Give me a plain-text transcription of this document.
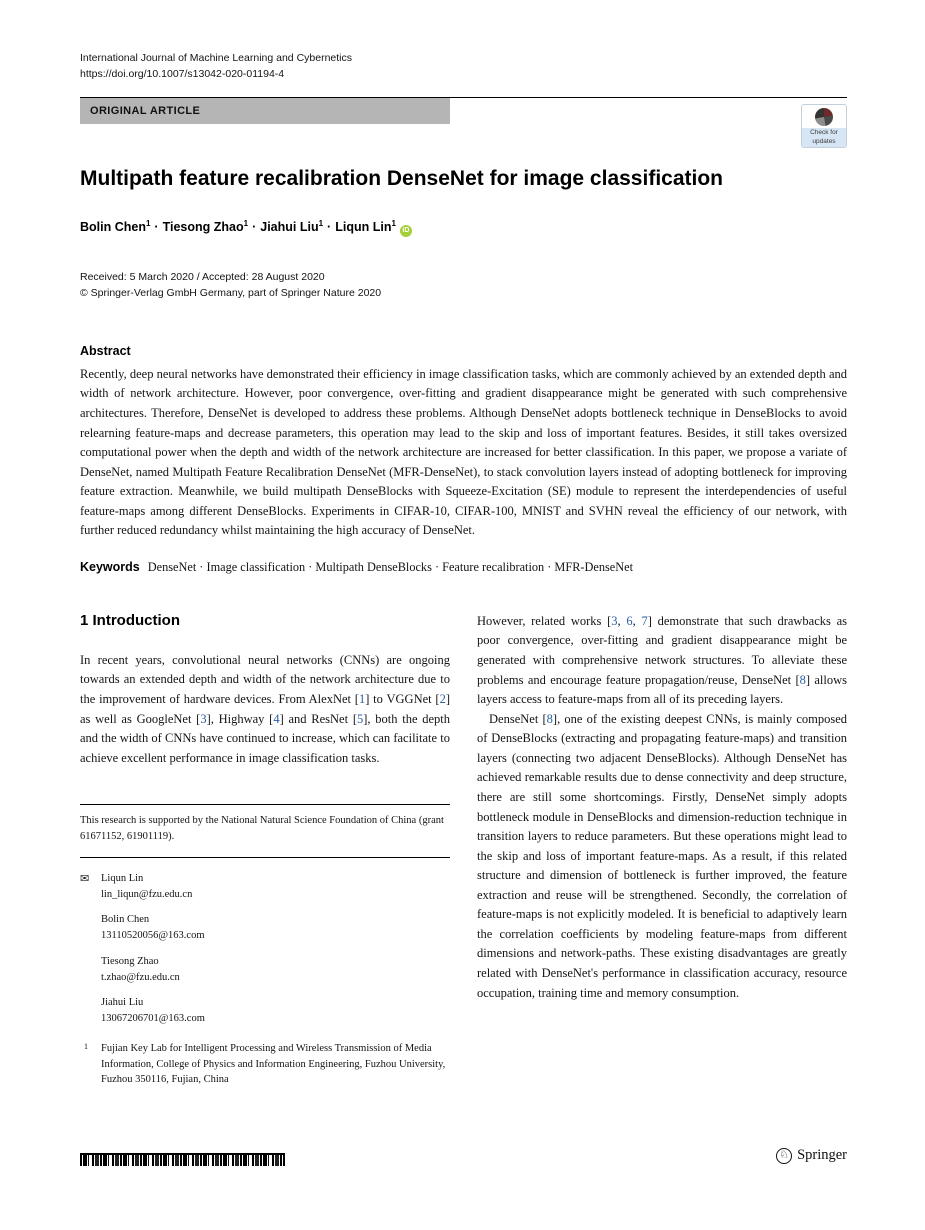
International Journal of Machine Learning and Cybernetics
https://doi.org/10.1007/s13042-020-01194-4
ORIGINAL ARTICLE
Multipath feature recalibration DenseNet for image classification

Bolin Chen$^1$ · Tiesong Zhao$^1$ · Jiahui Liu$^1$ · Liqun Lin$^1$iD

Received: 5 March 2020 / Accepted: 28 August 2020
© Springer-Verlag GmbH Germany, part of Springer Nature 2020
Abstract

Recently, deep neural networks have demonstrated their efficiency in image classification tasks, which are commonly achieved by an extended depth and width of network architecture. However, poor convergence, over-fitting and gradient disappearance might be generated with such comprehensive architectures. Therefore, DenseNet is developed to address these problems. Although DenseNet adopts bottleneck technique in DenseBlocks to avoid relearning feature-maps and decrease parameters, this operation may lead to the skip and loss of important features. Besides, it still takes oversized computational power when the depth and width of the network architecture are increased for better classification. In this paper, we propose a variate of DenseNet, named Multipath Feature Recalibration DenseNet (MFR-DenseNet), to stack convolution layers instead of adopting bottleneck for improving feature extraction. Meanwhile, we build multipath DenseBlocks with Squeeze-Excitation (SE) module to represent the interdependencies of useful feature-maps among different DenseBlocks. Experiments in CIFAR-10, CIFAR-100, MNIST and SVHN reveal the efficiency of our network, with further reduced redundancy whilst maintaining the high accuracy of DenseNet.

Keywords DenseNet · Image classification · Multipath DenseBlocks · Feature recalibration · MFR-DenseNet

1 Introduction

In recent years, convolutional neural networks (CNNs) are ongoing towards an extended depth and width of the network architecture due to the improvement of hardware devices. From AlexNet [1] to VGGNet [2] as well as GoogleNet [3], Highway [4] and ResNet [5], both the depth and the width of CNNs have continued to increase, which can facilitate to achieve excellent performance in image classification tasks.

This research is supported by the National Natural Science Foundation of China (grant 61671152, 61901119).

✉ Liqun Lin
lin_liqun@fzu.edu.cn
Bolin Chen
13110520056@163.com
Tiesong Zhao
t.zhao@fzu.edu.cn
Jiahui Liu
13067206701@163.com
1 Fujian Key Lab for Intelligent Processing and Wireless Transmission of Media Information, College of Physics and Information Engineering, Fuzhou University, Fuzhou 350116, Fujian, China

However, related works [3, 6, 7] demonstrate that such drawbacks as poor convergence, over-fitting and gradient disappearance might be generated with comprehensive network structures. To alleviate these problems and encourage feature propagation/reuse, DenseNet [8] allows layers access to feature-maps from all of its preceding layers.

DenseNet [8], one of the existing deepest CNNs, is mainly composed of DenseBlocks (extracting and propagating feature-maps) and transition layers (connecting two adjacent DenseBlocks). Although DenseNet has achieved remarkable results due to dense connectivity and deep structure, there are still some shortcomings. Firstly, DenseNet simply adopts bottleneck module in DenseBlocks and dimension-reduction technique in transition layers to reduce parameters. But these operations might lead to the skip and loss of important feature-maps. As a result, if this related structure and dimension of bottleneck is further improved, the feature extraction and reuse will be strengthened. Secondly, the correlation of feature-maps is not explicitly modeled. It is beneficial to adaptively learn the correlation coefficients by modeling feature-maps from different dimensions and network-paths. These existing disadvantages are greatly related with DenseNet's performance in classification accuracy, resource occupation, training time and memory consumption.

Check for
updates
♘ Springer
